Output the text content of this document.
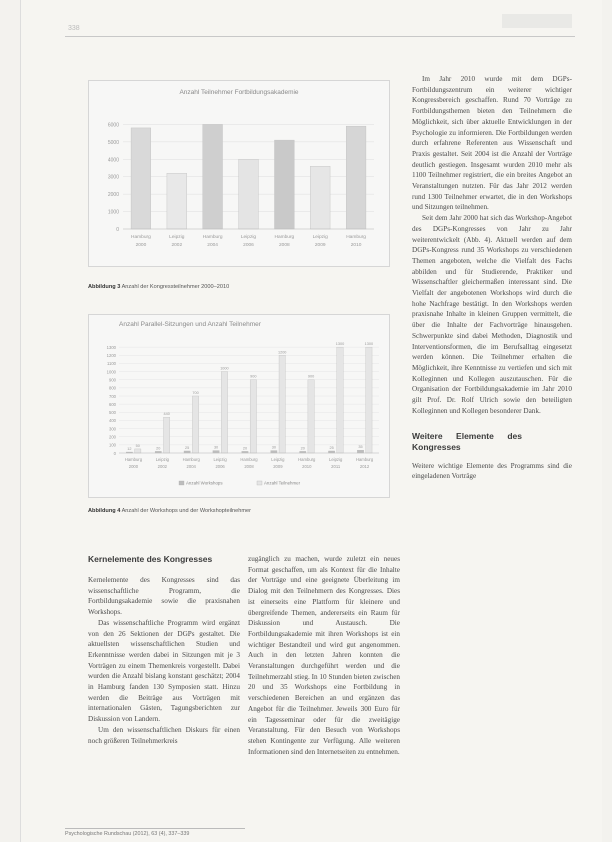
338
Anzahl Teilnehmer Fortbildungsakademie
0
1000
2000
3000
4000
5000
6000
Hamburg
2000
Leipzig
2002
Hamburg
2004
Leipzig
2006
Hamburg
2008
Leipzig
2009
Hamburg
2010
Abbildung 3 Anzahl der Kongressteilnehmer 2000–2010
Anzahl Parallel-Sitzungen und Anzahl Teilnehmer
0
100
200
300
400
500
600
700
800
900
1000
1100
1200
1300
12
50
Hamburg
2000
20
440
Leipzig
2002
25
700
Hamburg
2004
30
1000
Leipzig
2006
20
900
Hamburg
2008
30
1200
Leipzig
2009
20
900
Hamburg
2010
25
1300
Leipzig
2011
35
1300
Hamburg
2012
Anzahl Workshops	Anzahl Teilnehmer
Abbildung 4 Anzahl der Workshops und der Workshopteilnehmer
Kernelemente des Kongresses

Kernelemente des Kongresses sind das wissenschaftliche Programm, die Fortbildungsakademie sowie die praxisnahen Workshops.

Das wissenschaftliche Programm wird ergänzt von den 26 Sektionen der DGPs gestaltet. Die aktuellsten wissenschaftlichen Studien und Erkenntnisse werden dabei in Sitzungen mit je 3 Vorträgen zu einem Themenkreis vorgestellt. Dabei wurden die Anzahl bislang konstant geschätzt; 2004 in Hamburg fanden 130 Symposien statt. Hinzu werden die Beiträge aus Vorträgen mit internationalen Gästen, Tagungsberichten zur Diskussion von Landern.

Um den wissenschaftlichen Diskurs für einen noch größeren Teilnehmerkreis

zugänglich zu machen, wurde zuletzt ein neues Format geschaffen, um als Kontext für die Inhalte der Vorträge und eine geeignete Überleitung im Dialog mit den Teilnehmern des Kongresses. Dies ist einerseits eine Plattform für kleinere und übergreifende Themen, andererseits ein Raum für Diskussion und Austausch. Die Fortbildungsakademie mit ihren Workshops ist ein wichtiger Bestandteil und wird gut angenommen. Auch in den letzten Jahren konnten die Veranstaltungen durchgeführt werden und die Teilnehmerzahl stieg. In 10 Stunden bieten zwischen 20 und 35 Workshops eine Fortbildung in verschiedenen Bereichen an und ergänzen das Angebot für die Teilnehmer. Jeweils 300 Euro für ein Tagesseminar oder für die zweitägige Veranstaltung. Für den Besuch von Workshops stehen Kontingente zur Verfügung. Alle weiteren Informationen sind den Internetseiten zu entnehmen.

Im Jahr 2010 wurde mit dem DGPs-Fortbildungszentrum ein weiterer wichtiger Kongressbereich geschaffen. Rund 70 Vorträge zu Fortbildungsthemen bieten den Teilnehmern die Möglichkeit, sich über aktuelle Entwicklungen in der Psychologie zu informieren. Die Fortbildungen werden durch erfahrene Referenten aus Wissenschaft und Praxis gestaltet. Seit 2004 ist die Anzahl der Vorträge deutlich gestiegen. Insgesamt wurden 2010 mehr als 1100 Teilnehmer registriert, die ein breites Angebot an Veranstaltungen nutzten. Für das Jahr 2012 werden rund 1300 Teilnehmer erwartet, die in den Workshops und Sitzungen teilnehmen.

Seit dem Jahr 2000 hat sich das Workshop-Angebot des DGPs-Kongresses von Jahr zu Jahr weiterentwickelt (Abb. 4). Aktuell werden auf dem DGPs-Kongress rund 35 Workshops zu verschiedenen Themen angeboten, welche die Vielfalt des Fachs abbilden und für Studierende, Praktiker und Wissenschaftler gleichermaßen interessant sind. Die Vielfalt der angebotenen Workshops wird durch die hohe Nachfrage bestätigt. In den Workshops werden praxisnahe Inhalte in kleinen Gruppen vermittelt, die über die Inhalte der Fachvorträge hinausgehen. Schwerpunkte sind dabei Methoden, Diagnostik und Interventionsformen, die im Berufsalltag eingesetzt werden können. Die Teilnehmer erhalten die Möglichkeit, ihre Kenntnisse zu vertiefen und sich mit Kolleginnen und Kollegen auszutauschen. Für die Organisation der Fortbildungsakademie im Jahr 2010 gilt Prof. Dr. Rolf Ulrich sowie den beteiligten Kolleginnen und Kollegen besonderer Dank.

Weitere Elemente des Kongresses

Weitere wichtige Elemente des Programms sind die eingeladenen Vorträge

Psychologische Rundschau (2012), 63 (4), 337–339
